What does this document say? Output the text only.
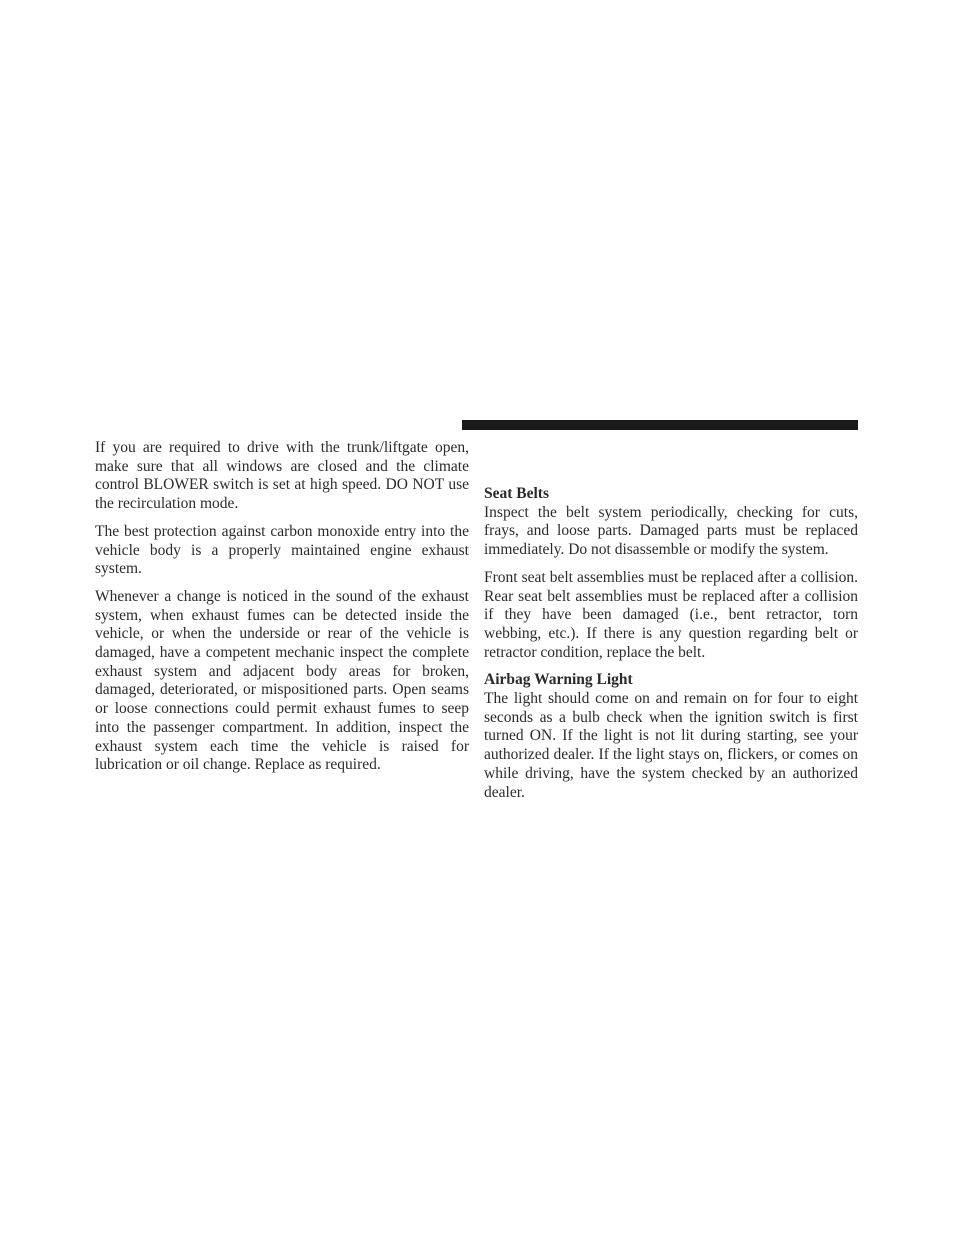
If you are required to drive with the trunk/liftgate open, make sure that all windows are closed and the climate control BLOWER switch is set at high speed. DO NOT use the recirculation mode.

The best protection against carbon monoxide entry into the vehicle body is a properly maintained engine exhaust system.

Whenever a change is noticed in the sound of the exhaust system, when exhaust fumes can be detected inside the vehicle, or when the underside or rear of the vehicle is damaged, have a competent mechanic inspect the complete exhaust system and adjacent body areas for broken, damaged, deteriorated, or mispositioned parts. Open seams or loose connections could permit exhaust fumes to seep into the passenger compartment. In addition, inspect the exhaust system each time the vehicle is raised for lubrication or oil change. Replace as required.

Seat Belts

Inspect the belt system periodically, checking for cuts, frays, and loose parts. Damaged parts must be replaced immediately. Do not disassemble or modify the system.

Front seat belt assemblies must be replaced after a collision. Rear seat belt assemblies must be replaced after a collision if they have been damaged (i.e., bent retractor, torn webbing, etc.). If there is any question regarding belt or retractor condition, replace the belt.

Airbag Warning Light

The light should come on and remain on for four to eight seconds as a bulb check when the ignition switch is first turned ON. If the light is not lit during starting, see your authorized dealer. If the light stays on, flickers, or comes on while driving, have the system checked by an authorized dealer.
